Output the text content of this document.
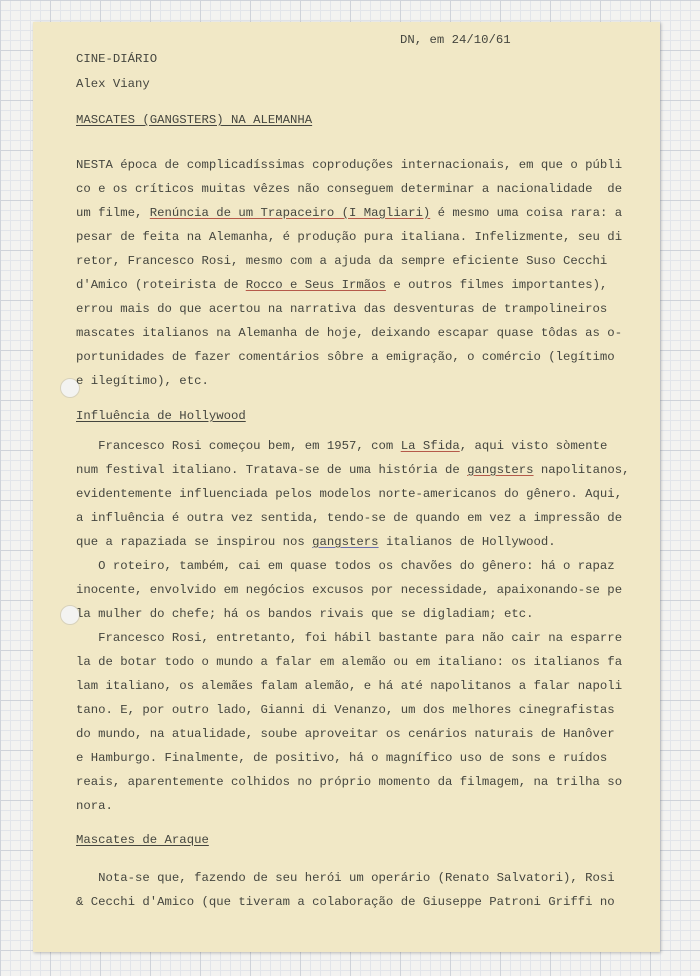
DN, em 24/10/61
CINE-DIÁRIO
Alex Viany
MASCATES (GANGSTERS) NA ALEMANHA
NESTA época de complicadíssimas coproduções internacionais, em que o públi
co e os críticos muitas vêzes não conseguem determinar a nacionalidade  de
um filme, Renúncia de um Trapaceiro (I Magliari) é mesmo uma coisa rara: a
pesar de feita na Alemanha, é produção pura italiana. Infelizmente, seu di
retor, Francesco Rosi, mesmo com a ajuda da sempre eficiente Suso Cecchi
d'Amico (roteirista de Rocco e Seus Irmãos e outros filmes importantes),
errou mais do que acertou na narrativa das desventuras de trampolineiros
mascates italianos na Alemanha de hoje, deixando escapar quase tôdas as o-
portunidades de fazer comentários sôbre a emigração, o comércio (legítimo
e ilegítimo), etc.
Influência de Hollywood
Francesco Rosi começou bem, em 1957, com La Sfida, aqui visto sòmente
num festival italiano. Tratava-se de uma história de gangsters napolitanos,
evidentemente influenciada pelos modelos norte-americanos do gênero. Aqui,
a influência é outra vez sentida, tendo-se de quando em vez a impressão de
que a rapaziada se inspirou nos gangsters italianos de Hollywood.
O roteiro, também, cai em quase todos os chavões do gênero: há o rapaz
inocente, envolvido em negócios excusos por necessidade, apaixonando-se pe
la mulher do chefe; há os bandos rivais que se digladiam; etc.
Francesco Rosi, entretanto, foi hábil bastante para não cair na esparre
la de botar todo o mundo a falar em alemão ou em italiano: os italianos fa
lam italiano, os alemães falam alemão, e há até napolitanos a falar napoli
tano. E, por outro lado, Gianni di Venanzo, um dos melhores cinegrafistas
do mundo, na atualidade, soube aproveitar os cenários naturais de Hanôver
e Hamburgo. Finalmente, de positivo, há o magnífico uso de sons e ruídos
reais, aparentemente colhidos no próprio momento da filmagem, na trilha so
nora.
Mascates de Araque
Nota-se que, fazendo de seu herói um operário (Renato Salvatori), Rosi
& Cecchi d'Amico (que tiveram a colaboração de Giuseppe Patroni Griffi no
